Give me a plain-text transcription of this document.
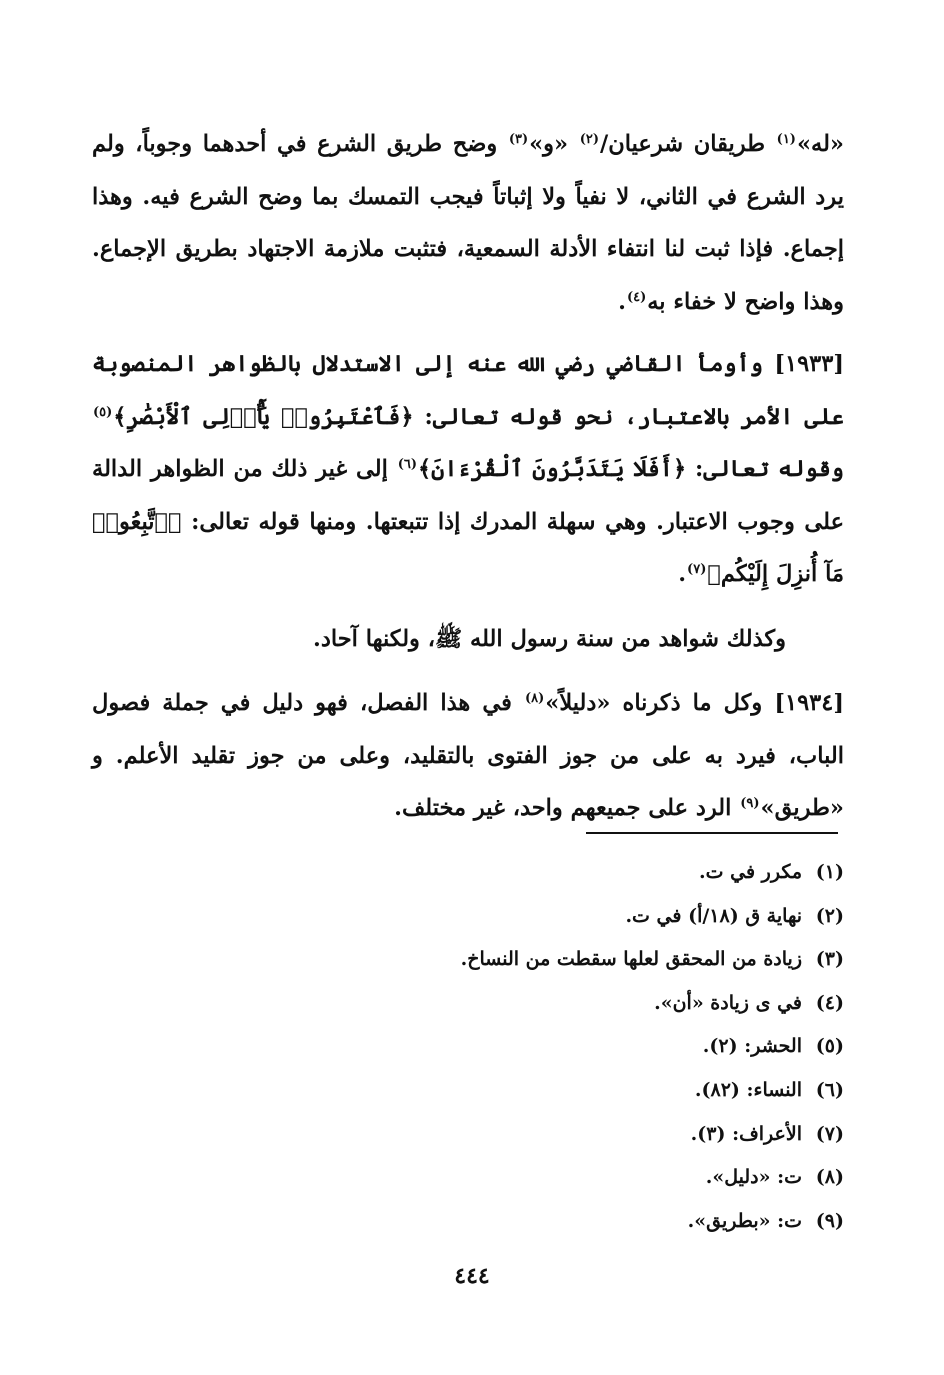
«له»$^{(١)}$ طريقان شرعيان/$^{(٢)}$ «و»$^{(٣)}$ وضح طريق الشرع في أحدهما وجوباً، ولم يرد الشرع في الثاني، لا نفياً ولا إثباتاً فيجب التمسك بما وضح الشرع فيه. وهذا إجماع. فإذا ثبت لنا انتفاء الأدلة السمعية، فتثبت ملازمة الاجتهاد بطريق الإجماع. وهذا واضح لا خفاء به$^{(٤)}$.

[١٩٣٣] وأومأ القاضي رضي الله عنه إلى الاستدلال بالظواهر المنصوبة على الأمر بالاعتبار، نحو قوله تعالى: ﴿فَٱعْتَبِرُوا۟ يَٰٓأُو۟لِى ٱلْأَبْصَٰرِ﴾$^{(٥)}$ وقوله تعالى: ﴿أَفَلَا يَتَدَبَّرُونَ ٱلْقُرْءَانَ﴾$^{(٦)}$ إلى غير ذلك من الظواهر الدالة على وجوب الاعتبار. وهي سهلة المدرك إذا تتبعتها. ومنها قوله تعالى: ﴿ٱتَّبِعُوا۟ مَآ أُنزِلَ إِلَيْكُم﴾$^{(٧)}$.

وكذلك شواهد من سنة رسول الله ﷺ، ولكنها آحاد.

[١٩٣٤] وكل ما ذكرناه «دليلاً»$^{(٨)}$ في هذا الفصل، فهو دليل في جملة فصول الباب، فيرد به على من جوز الفتوى بالتقليد، وعلى من جوز تقليد الأعلم. و «طريق»$^{(٩)}$ الرد على جميعهم واحد، غير مختلف.

(١)مكرر في ت.
(٢)نهاية ق (١٨/أ) في ت.
(٣)زيادة من المحقق لعلها سقطت من النساخ.
(٤)في ى زيادة «أن».
(٥)الحشر: (٢).
(٦)النساء: (٨٢).
(٧)الأعراف: (٣).
(٨)ت: «دليل».
(٩)ت: «بطريق».
٤٤٤
